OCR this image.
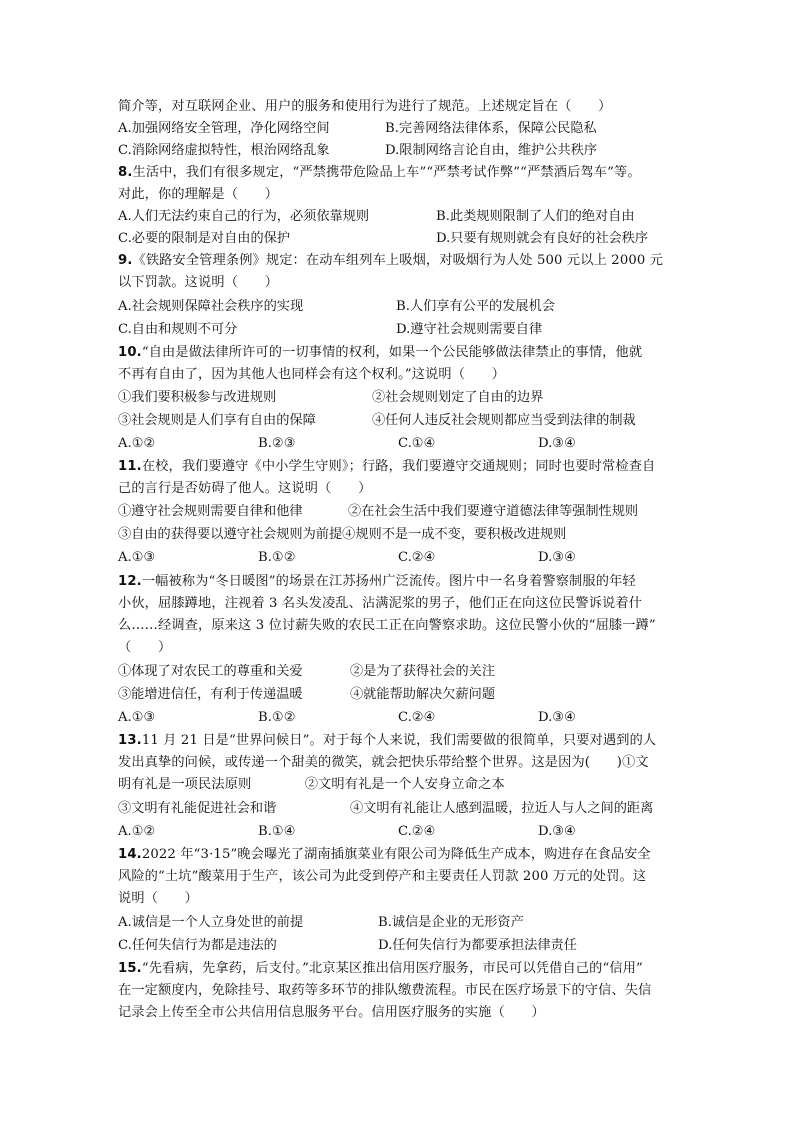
简介等，对互联网企业、用户的服务和使用行为进行了规范。上述规定旨在（　　）
A.加强网络安全管理，净化网络空间	B.完善网络法律体系，保障公民隐私
C.消除网络虚拟特性，根治网络乱象	D.限制网络言论自由，维护公共秩序
8.生活中，我们有很多规定，“严禁携带危险品上车”“严禁考试作弊”“严禁酒后驾车”等。
对此，你的理解是（　　）
A.人们无法约束自己的行为，必须依靠规则	B.此类规则限制了人们的绝对自由
C.必要的限制是对自由的保护	D.只要有规则就会有良好的社会秩序
9.《铁路安全管理条例》规定：在动车组列车上吸烟，对吸烟行为人处 500 元以上 2000 元
以下罚款。这说明（　　）
A.社会规则保障社会秩序的实现	B.人们享有公平的发展机会
C.自由和规则不可分	D.遵守社会规则需要自律
10.“自由是做法律所许可的一切事情的权利，如果一个公民能够做法律禁止的事情，他就
不再有自由了，因为其他人也同样会有这个权利。”这说明（　　）
①我们要积极参与改进规则	②社会规则划定了自由的边界
③社会规则是人们享有自由的保障	④任何人违反社会规则都应当受到法律的制裁
A.①②	B.②③	C.①④	D.③④
11.在校，我们要遵守《中小学生守则》；行路，我们要遵守交通规则；同时也要时常检查自
己的言行是否妨碍了他人。这说明（　　）
①遵守社会规则需要自律和他律	②在社会生活中我们要遵守道德法律等强制性规则
③自由的获得要以遵守社会规则为前提④规则不是一成不变，要积极改进规则
A.①③	B.①②	C.②④	D.③④
12.一幅被称为“冬日暖图”的场景在江苏扬州广泛流传。图片中一名身着警察制服的年轻
小伙，屈膝蹲地，注视着 3 名头发凌乱、沾满泥浆的男子，他们正在向这位民警诉说着什
么……经调查，原来这 3 位讨薪失败的农民工正在向警察求助。这位民警小伙的“屈膝一蹲”
（　　）
①体现了对农民工的尊重和关爱	②是为了获得社会的关注
③能增进信任，有利于传递温暖	④就能帮助解决欠薪问题
A.①③	B.①②	C.②④	D.③④
13.11 月 21 日是“世界问候日”。对于每个人来说，我们需要做的很简单，只要对遇到的人
发出真挚的问候，或传递一个甜美的微笑，就会把快乐带给整个世界。这是因为(　　)①文
明有礼是一项民法原则　　　　②文明有礼是一个人安身立命之本
③文明有礼能促进社会和谐	④文明有礼能让人感到温暖，拉近人与人之间的距离
A.①②	B.①④	C.②④	D.③④
14.2022 年“3·15”晚会曝光了湖南插旗菜业有限公司为降低生产成本，购进存在食品安全
风险的“土坑”酸菜用于生产，该公司为此受到停产和主要责任人罚款 200 万元的处罚。这
说明（　　）
A.诚信是一个人立身处世的前提	B.诚信是企业的无形资产
C.任何失信行为都是违法的	D.任何失信行为都要承担法律责任
15.“先看病，先拿药，后支付。”北京某区推出信用医疗服务，市民可以凭借自己的“信用”
在一定额度内，免除挂号、取药等多环节的排队缴费流程。市民在医疗场景下的守信、失信
记录会上传至全市公共信用信息服务平台。信用医疗服务的实施（　　）
